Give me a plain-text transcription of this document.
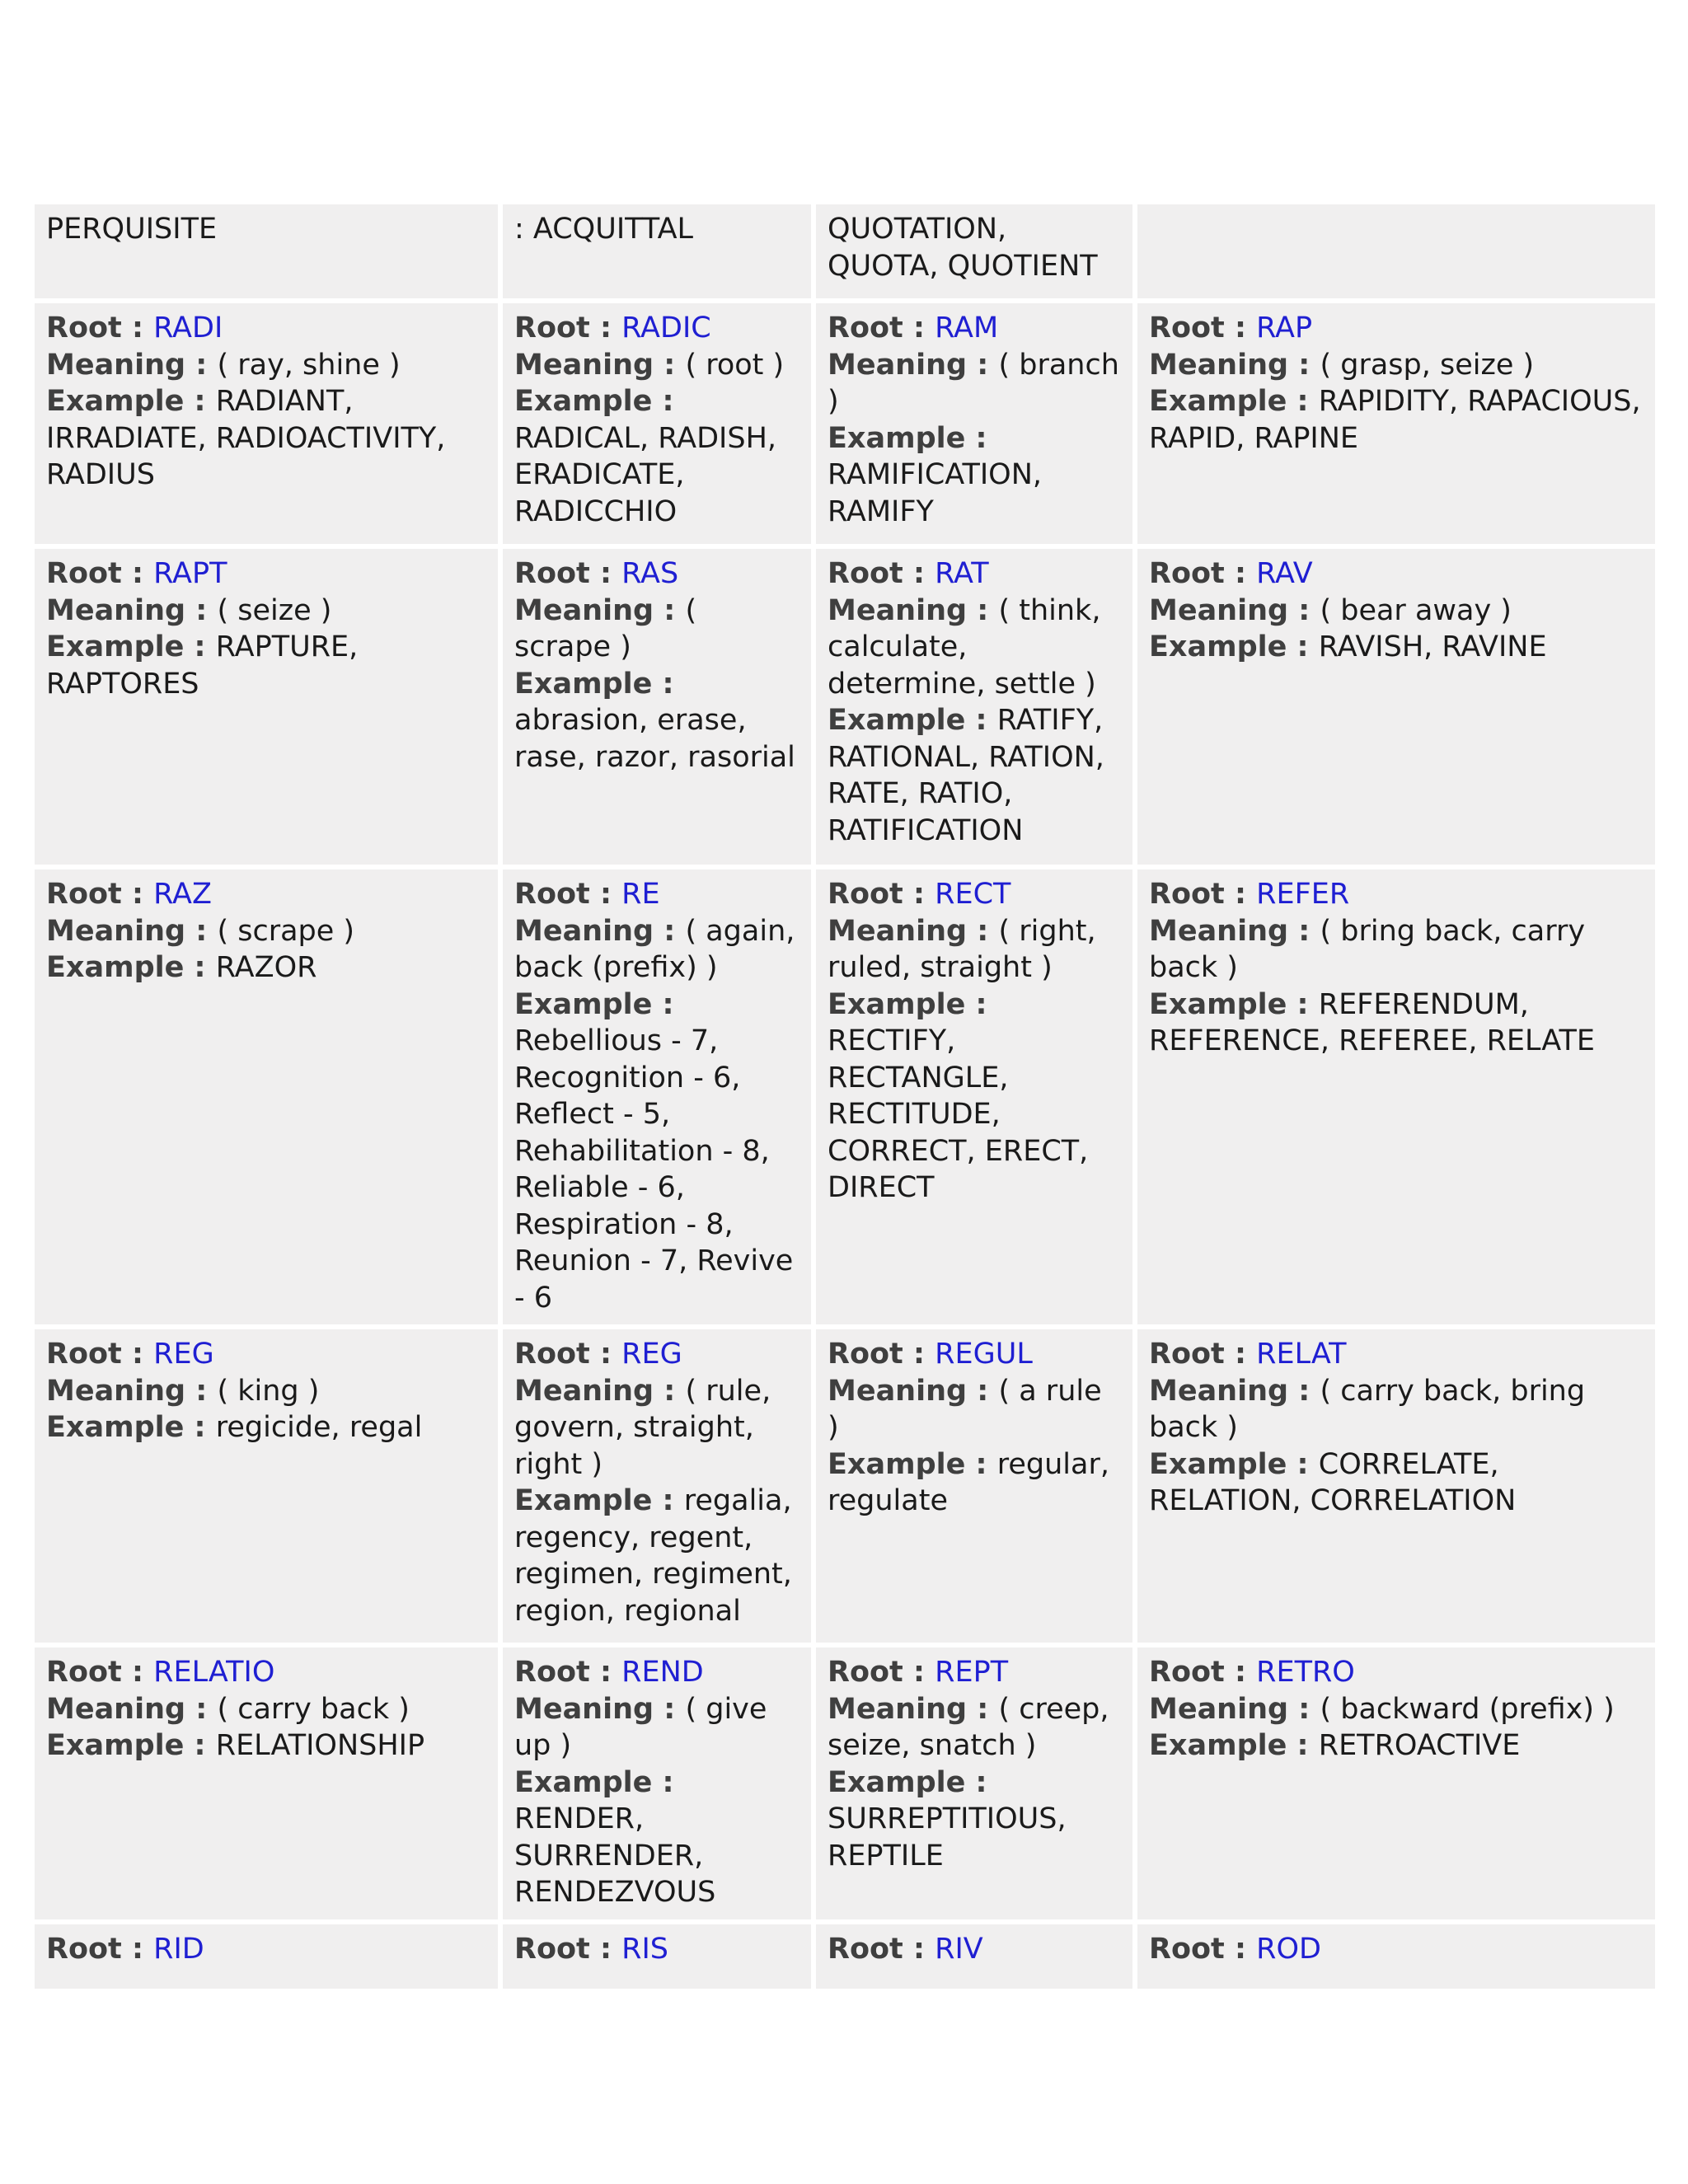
PERQUISITE	: ACQUITTAL	QUOTATION, QUOTA, QUOTIENT	

Root : RADI
Meaning : ( ray, shine )
Example : RADIANT, IRRADIATE, RADIOACTIVITY, RADIUS	Root : RADIC
Meaning : ( root )
Example : RADICAL, RADISH, ERADICATE, RADICCHIO	Root : RAM
Meaning : ( branch )
Example : RAMIFICATION, RAMIFY	Root : RAP
Meaning : ( grasp, seize )
Example : RAPIDITY, RAPACIOUS, RAPID, RAPINE

Root : RAPT
Meaning : ( seize )
Example : RAPTURE, RAPTORES	Root : RAS
Meaning : ( scrape )
Example : abrasion, erase, rase, razor, rasorial	Root : RAT
Meaning : ( think, calculate, determine, settle )
Example : RATIFY, RATIONAL, RATION, RATE, RATIO, RATIFICATION	Root : RAV
Meaning : ( bear away )
Example : RAVISH, RAVINE

Root : RAZ
Meaning : ( scrape )
Example : RAZOR	Root : RE
Meaning : ( again, back (prefix) )
Example : Rebellious - 7, Recognition - 6, Reflect - 5, Rehabilitation - 8, Reliable - 6, Respiration - 8, Reunion - 7, Revive - 6	Root : RECT
Meaning : ( right, ruled, straight )
Example : RECTIFY, RECTANGLE, RECTITUDE, CORRECT, ERECT, DIRECT	Root : REFER
Meaning : ( bring back, carry back )
Example : REFERENDUM, REFERENCE, REFEREE, RELATE

Root : REG
Meaning : ( king )
Example : regicide, regal	Root : REG
Meaning : ( rule, govern, straight, right )
Example : regalia, regency, regent, regimen, regiment, region, regional	Root : REGUL
Meaning : ( a rule )
Example : regular, regulate	Root : RELAT
Meaning : ( carry back, bring back )
Example : CORRELATE, RELATION, CORRELATION

Root : RELATIO
Meaning : ( carry back )
Example : RELATIONSHIP	Root : REND
Meaning : ( give up )
Example : RENDER, SURRENDER, RENDEZVOUS	Root : REPT
Meaning : ( creep, seize, snatch )
Example : SURREPTITIOUS, REPTILE	Root : RETRO
Meaning : ( backward (prefix) )
Example : RETROACTIVE

Root : RID	Root : RIS	Root : RIV	Root : ROD
